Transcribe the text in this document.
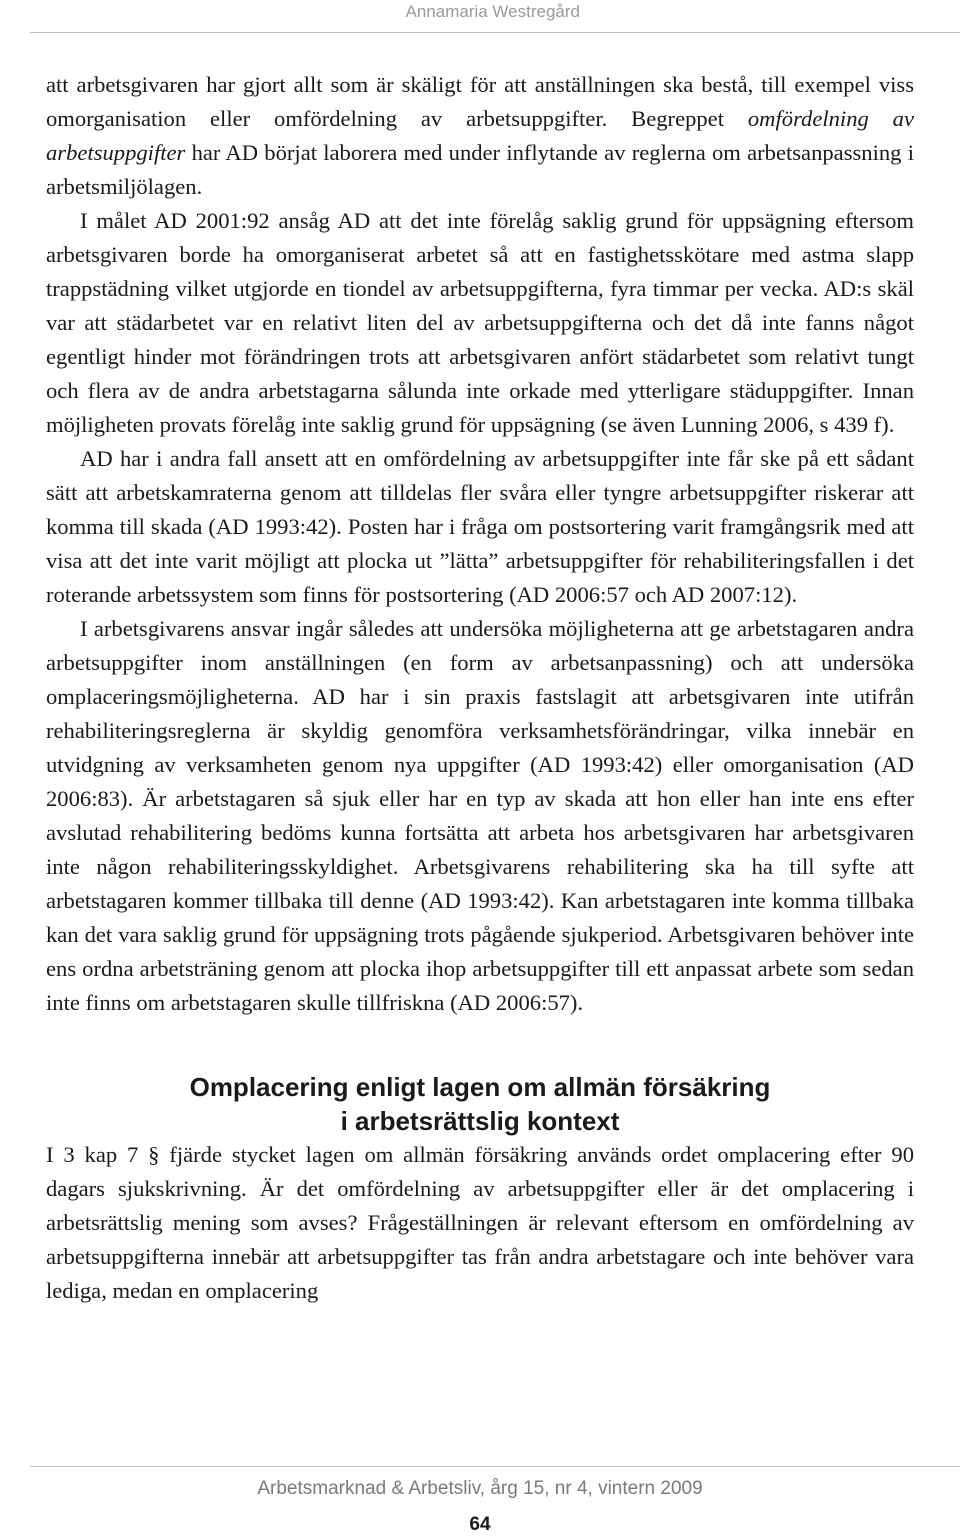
Annamaria Westregård

att arbetsgivaren har gjort allt som är skäligt för att anställningen ska bestå, till exempel viss omorganisation eller omfördelning av arbetsuppgifter. Begreppet omfördelning av arbetsuppgifter har AD börjat laborera med under inflytande av reglerna om arbetsanpassning i arbetsmiljölagen.

I målet AD 2001:92 ansåg AD att det inte förelåg saklig grund för uppsägning eftersom arbetsgivaren borde ha omorganiserat arbetet så att en fastighetsskötare med astma slapp trappstädning vilket utgjorde en tiondel av arbetsuppgifterna, fyra timmar per vecka. AD:s skäl var att städarbetet var en relativt liten del av arbetsuppgifterna och det då inte fanns något egentligt hinder mot förändringen trots att arbetsgivaren anfört städarbetet som relativt tungt och flera av de andra arbetstagarna sålunda inte orkade med ytterligare städuppgifter. Innan möjligheten provats förelåg inte saklig grund för uppsägning (se även Lunning 2006, s 439 f).

AD har i andra fall ansett att en omfördelning av arbetsuppgifter inte får ske på ett sådant sätt att arbetskamraterna genom att tilldelas fler svåra eller tyngre arbetsuppgifter riskerar att komma till skada (AD 1993:42). Posten har i fråga om postsortering varit framgångsrik med att visa att det inte varit möjligt att plocka ut ”lätta” arbetsuppgifter för rehabiliteringsfallen i det roterande arbetssystem som finns för postsortering (AD 2006:57 och AD 2007:12).

I arbetsgivarens ansvar ingår således att undersöka möjligheterna att ge arbetstagaren andra arbetsuppgifter inom anställningen (en form av arbetsanpassning) och att undersöka omplaceringsmöjligheterna. AD har i sin praxis fastslagit att arbetsgivaren inte utifrån rehabiliteringsreglerna är skyldig genomföra verksamhetsförändringar, vilka innebär en utvidgning av verksamheten genom nya uppgifter (AD 1993:42) eller omorganisation (AD 2006:83). Är arbetstagaren så sjuk eller har en typ av skada att hon eller han inte ens efter avslutad rehabilitering bedöms kunna fortsätta att arbeta hos arbetsgivaren har arbetsgivaren inte någon rehabiliteringsskyldighet. Arbetsgivarens rehabilitering ska ha till syfte att arbetstagaren kommer tillbaka till denne (AD 1993:42). Kan arbetstagaren inte komma tillbaka kan det vara saklig grund för uppsägning trots pågående sjukperiod. Arbetsgivaren behöver inte ens ordna arbetsträning genom att plocka ihop arbetsuppgifter till ett anpassat arbete som sedan inte finns om arbetstagaren skulle tillfriskna (AD 2006:57).

Omplacering enligt lagen om allmän försäkring
i arbetsrättslig kontext

I 3 kap 7 § fjärde stycket lagen om allmän försäkring används ordet omplacering efter 90 dagars sjukskrivning. Är det omfördelning av arbetsuppgifter eller är det omplacering i arbetsrättslig mening som avses? Frågeställningen är relevant eftersom en omfördelning av arbetsuppgifterna innebär att arbetsuppgifter tas från andra arbetstagare och inte behöver vara lediga, medan en omplacering

Arbetsmarknad & Arbetsliv, årg 15, nr 4, vintern 2009
64
